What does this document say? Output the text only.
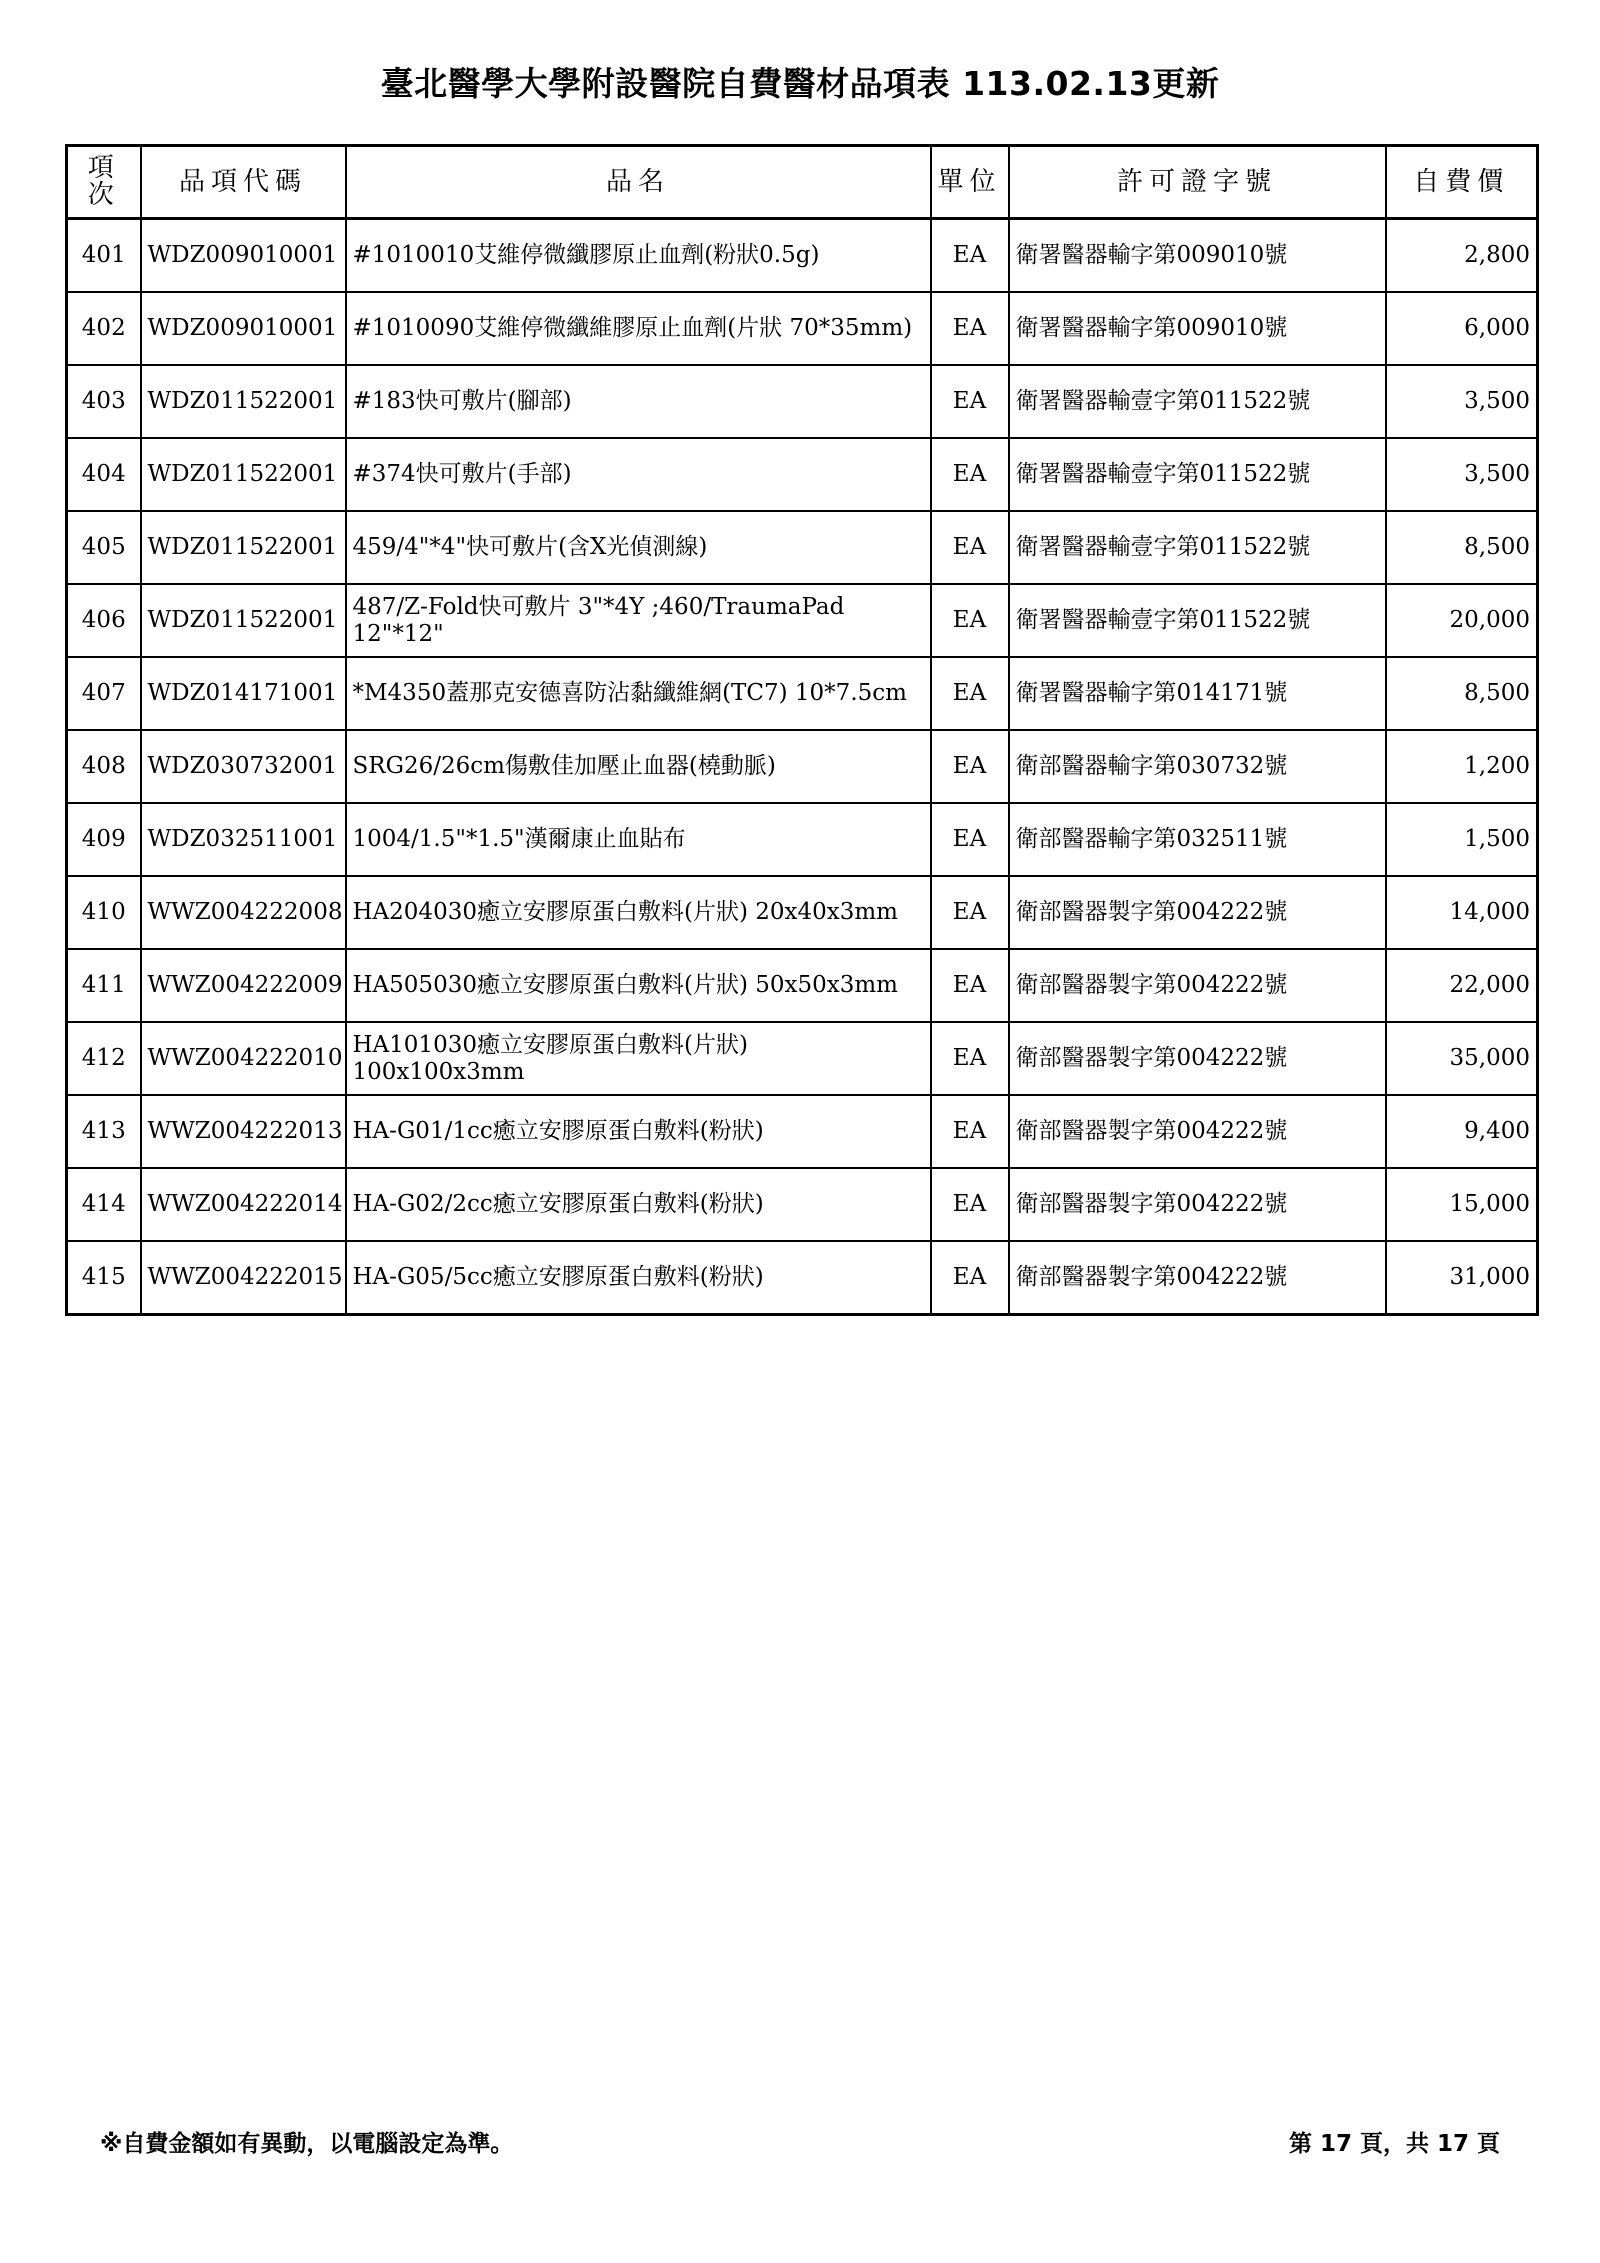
臺北醫學大學附設醫院自費醫材品項表 113.02.13更新
項次	品項代碼	品名	單位	許可證字號	自費價
401	WDZ009010001	#1010010艾維停微纖膠原止血劑(粉狀0.5g)	EA	衛署醫器輸字第009010號	2,800
402	WDZ009010001	#1010090艾維停微纖維膠原止血劑(片狀 70*35mm)	EA	衛署醫器輸字第009010號	6,000
403	WDZ011522001	#183快可敷片(腳部)	EA	衛署醫器輸壹字第011522號	3,500
404	WDZ011522001	#374快可敷片(手部)	EA	衛署醫器輸壹字第011522號	3,500
405	WDZ011522001	459/4"*4"快可敷片(含X光偵測線)	EA	衛署醫器輸壹字第011522號	8,500
406	WDZ011522001	487/Z-Fold快可敷片 3"*4Y ;460/TraumaPad 12"*12"	EA	衛署醫器輸壹字第011522號	20,000
407	WDZ014171001	*M4350蓋那克安德喜防沾黏纖維網(TC7) 10*7.5cm	EA	衛署醫器輸字第014171號	8,500
408	WDZ030732001	SRG26/26cm傷敷佳加壓止血器(橈動脈)	EA	衛部醫器輸字第030732號	1,200
409	WDZ032511001	1004/1.5"*1.5"漢爾康止血貼布	EA	衛部醫器輸字第032511號	1,500
410	WWZ004222008	HA204030癒立安膠原蛋白敷料(片狀) 20x40x3mm	EA	衛部醫器製字第004222號	14,000
411	WWZ004222009	HA505030癒立安膠原蛋白敷料(片狀) 50x50x3mm	EA	衛部醫器製字第004222號	22,000
412	WWZ004222010	HA101030癒立安膠原蛋白敷料(片狀) 100x100x3mm	EA	衛部醫器製字第004222號	35,000
413	WWZ004222013	HA-G01/1cc癒立安膠原蛋白敷料(粉狀)	EA	衛部醫器製字第004222號	9,400
414	WWZ004222014	HA-G02/2cc癒立安膠原蛋白敷料(粉狀)	EA	衛部醫器製字第004222號	15,000
415	WWZ004222015	HA-G05/5cc癒立安膠原蛋白敷料(粉狀)	EA	衛部醫器製字第004222號	31,000
※自費金額如有異動，以電腦設定為準。	第 17 頁，共 17 頁
